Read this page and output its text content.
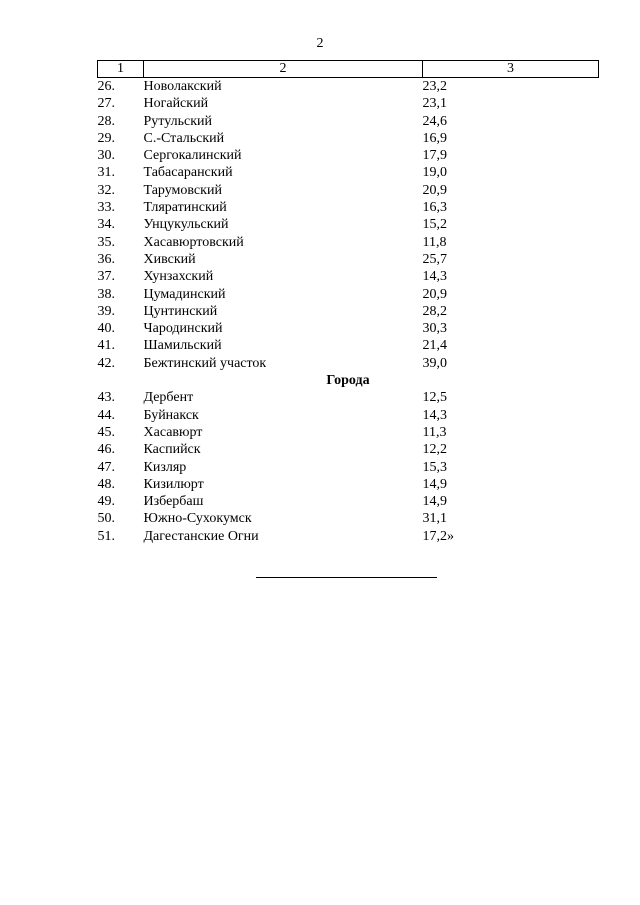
2
1	2	3
26.	Новолакский	23,2
27.	Ногайский	23,1
28.	Рутульский	24,6
29.	С.-Стальский	16,9
30.	Сергокалинский	17,9
31.	Табасаранский	19,0
32.	Тарумовский	20,9
33.	Тляратинский	16,3
34.	Унцукульский	15,2
35.	Хасавюртовский	11,8
36.	Хивский	25,7
37.	Хунзахский	14,3
38.	Цумадинский	20,9
39.	Цунтинский	28,2
40.	Чародинский	30,3
41.	Шамильский	21,4
42.	Бежтинский участок	39,0
Города		
43.	Дербент	12,5
44.	Буйнакск	14,3
45.	Хасавюрт	11,3
46.	Каспийск	12,2
47.	Кизляр	15,3
48.	Кизилюрт	14,9
49.	Избербаш	14,9
50.	Южно-Сухокумск	31,1
51.	Дагестанские Огни	17,2»
